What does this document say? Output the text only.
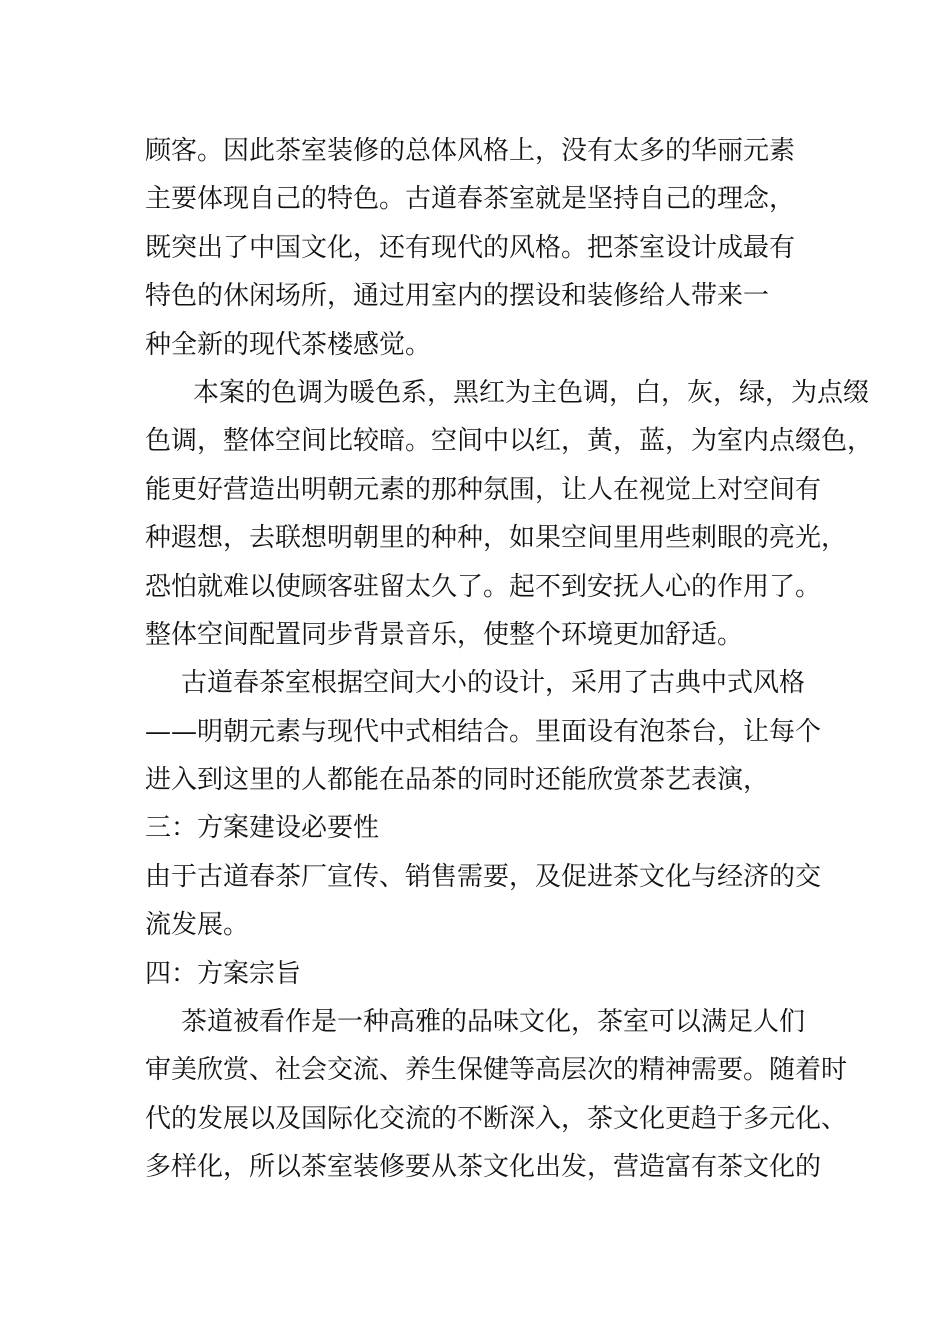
顾客。因此茶室装修的总体风格上，没有太多的华丽元素
主要体现自己的特色。古道春茶室就是坚持自己的理念，
既突出了中国文化，还有现代的风格。把茶室设计成最有
特色的休闲场所，通过用室内的摆设和装修给人带来一
种全新的现代茶楼感觉。
本案的色调为暖色系，黑红为主色调，白，灰，绿，为点缀
色调，整体空间比较暗。空间中以红，黄，蓝，为室内点缀色，
能更好营造出明朝元素的那种氛围，让人在视觉上对空间有
种遐想，去联想明朝里的种种，如果空间里用些刺眼的亮光，
恐怕就难以使顾客驻留太久了。起不到安抚人心的作用了。
整体空间配置同步背景音乐，使整个环境更加舒适。
古道春茶室根据空间大小的设计，采用了古典中式风格
——明朝元素与现代中式相结合。里面设有泡茶台，让每个
进入到这里的人都能在品茶的同时还能欣赏茶艺表演，
三：方案建设必要性
由于古道春茶厂宣传、销售需要，及促进茶文化与经济的交
流发展。
四：方案宗旨
茶道被看作是一种高雅的品味文化，茶室可以满足人们
审美欣赏、社会交流、养生保健等高层次的精神需要。随着时
代的发展以及国际化交流的不断深入，茶文化更趋于多元化、
多样化，所以茶室装修要从茶文化出发，营造富有茶文化的
